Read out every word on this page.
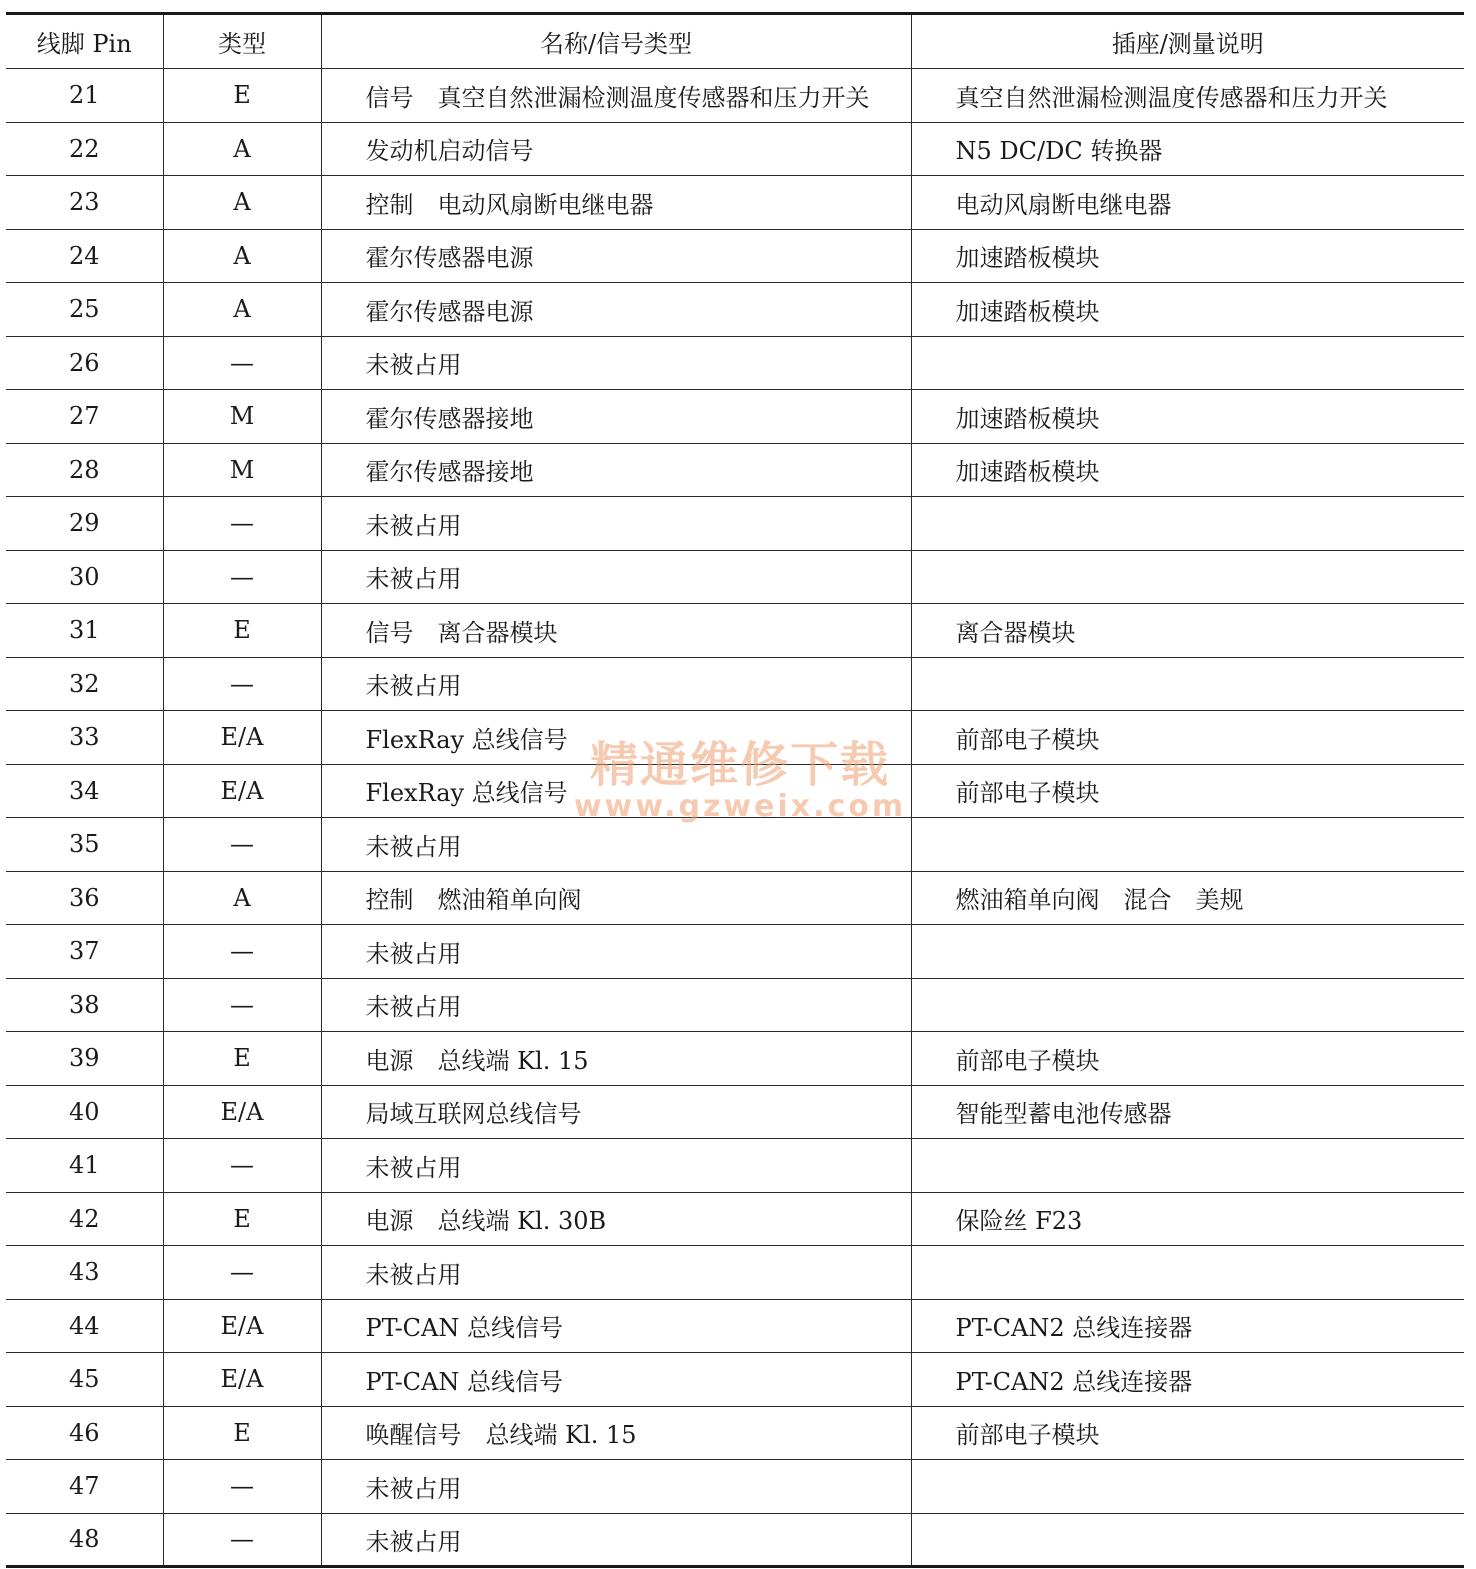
线脚 Pin	类型	名称/信号类型	插座/测量说明
21	E	信号　真空自然泄漏检测温度传感器和压力开关	真空自然泄漏检测温度传感器和压力开关
22	A	发动机启动信号	N5 DC/DC 转换器
23	A	控制　电动风扇断电继电器	电动风扇断电继电器
24	A	霍尔传感器电源	加速踏板模块
25	A	霍尔传感器电源	加速踏板模块
26	—	未被占用	
27	M	霍尔传感器接地	加速踏板模块
28	M	霍尔传感器接地	加速踏板模块
29	—	未被占用	
30	—	未被占用	
31	E	信号　离合器模块	离合器模块
32	—	未被占用	
33	E/A	FlexRay 总线信号	前部电子模块
34	E/A	FlexRay 总线信号	前部电子模块
35	—	未被占用	
36	A	控制　燃油箱单向阀	燃油箱单向阀　混合　美规
37	—	未被占用	
38	—	未被占用	
39	E	电源　总线端 Kl. 15	前部电子模块
40	E/A	局域互联网总线信号	智能型蓄电池传感器
41	—	未被占用	
42	E	电源　总线端 Kl. 30B	保险丝 F23
43	—	未被占用	
44	E/A	PT-CAN 总线信号	PT-CAN2 总线连接器
45	E/A	PT-CAN 总线信号	PT-CAN2 总线连接器
46	E	唤醒信号　总线端 Kl. 15	前部电子模块
47	—	未被占用	
48	—	未被占用	
精通维修下载
www.gzweix.com
